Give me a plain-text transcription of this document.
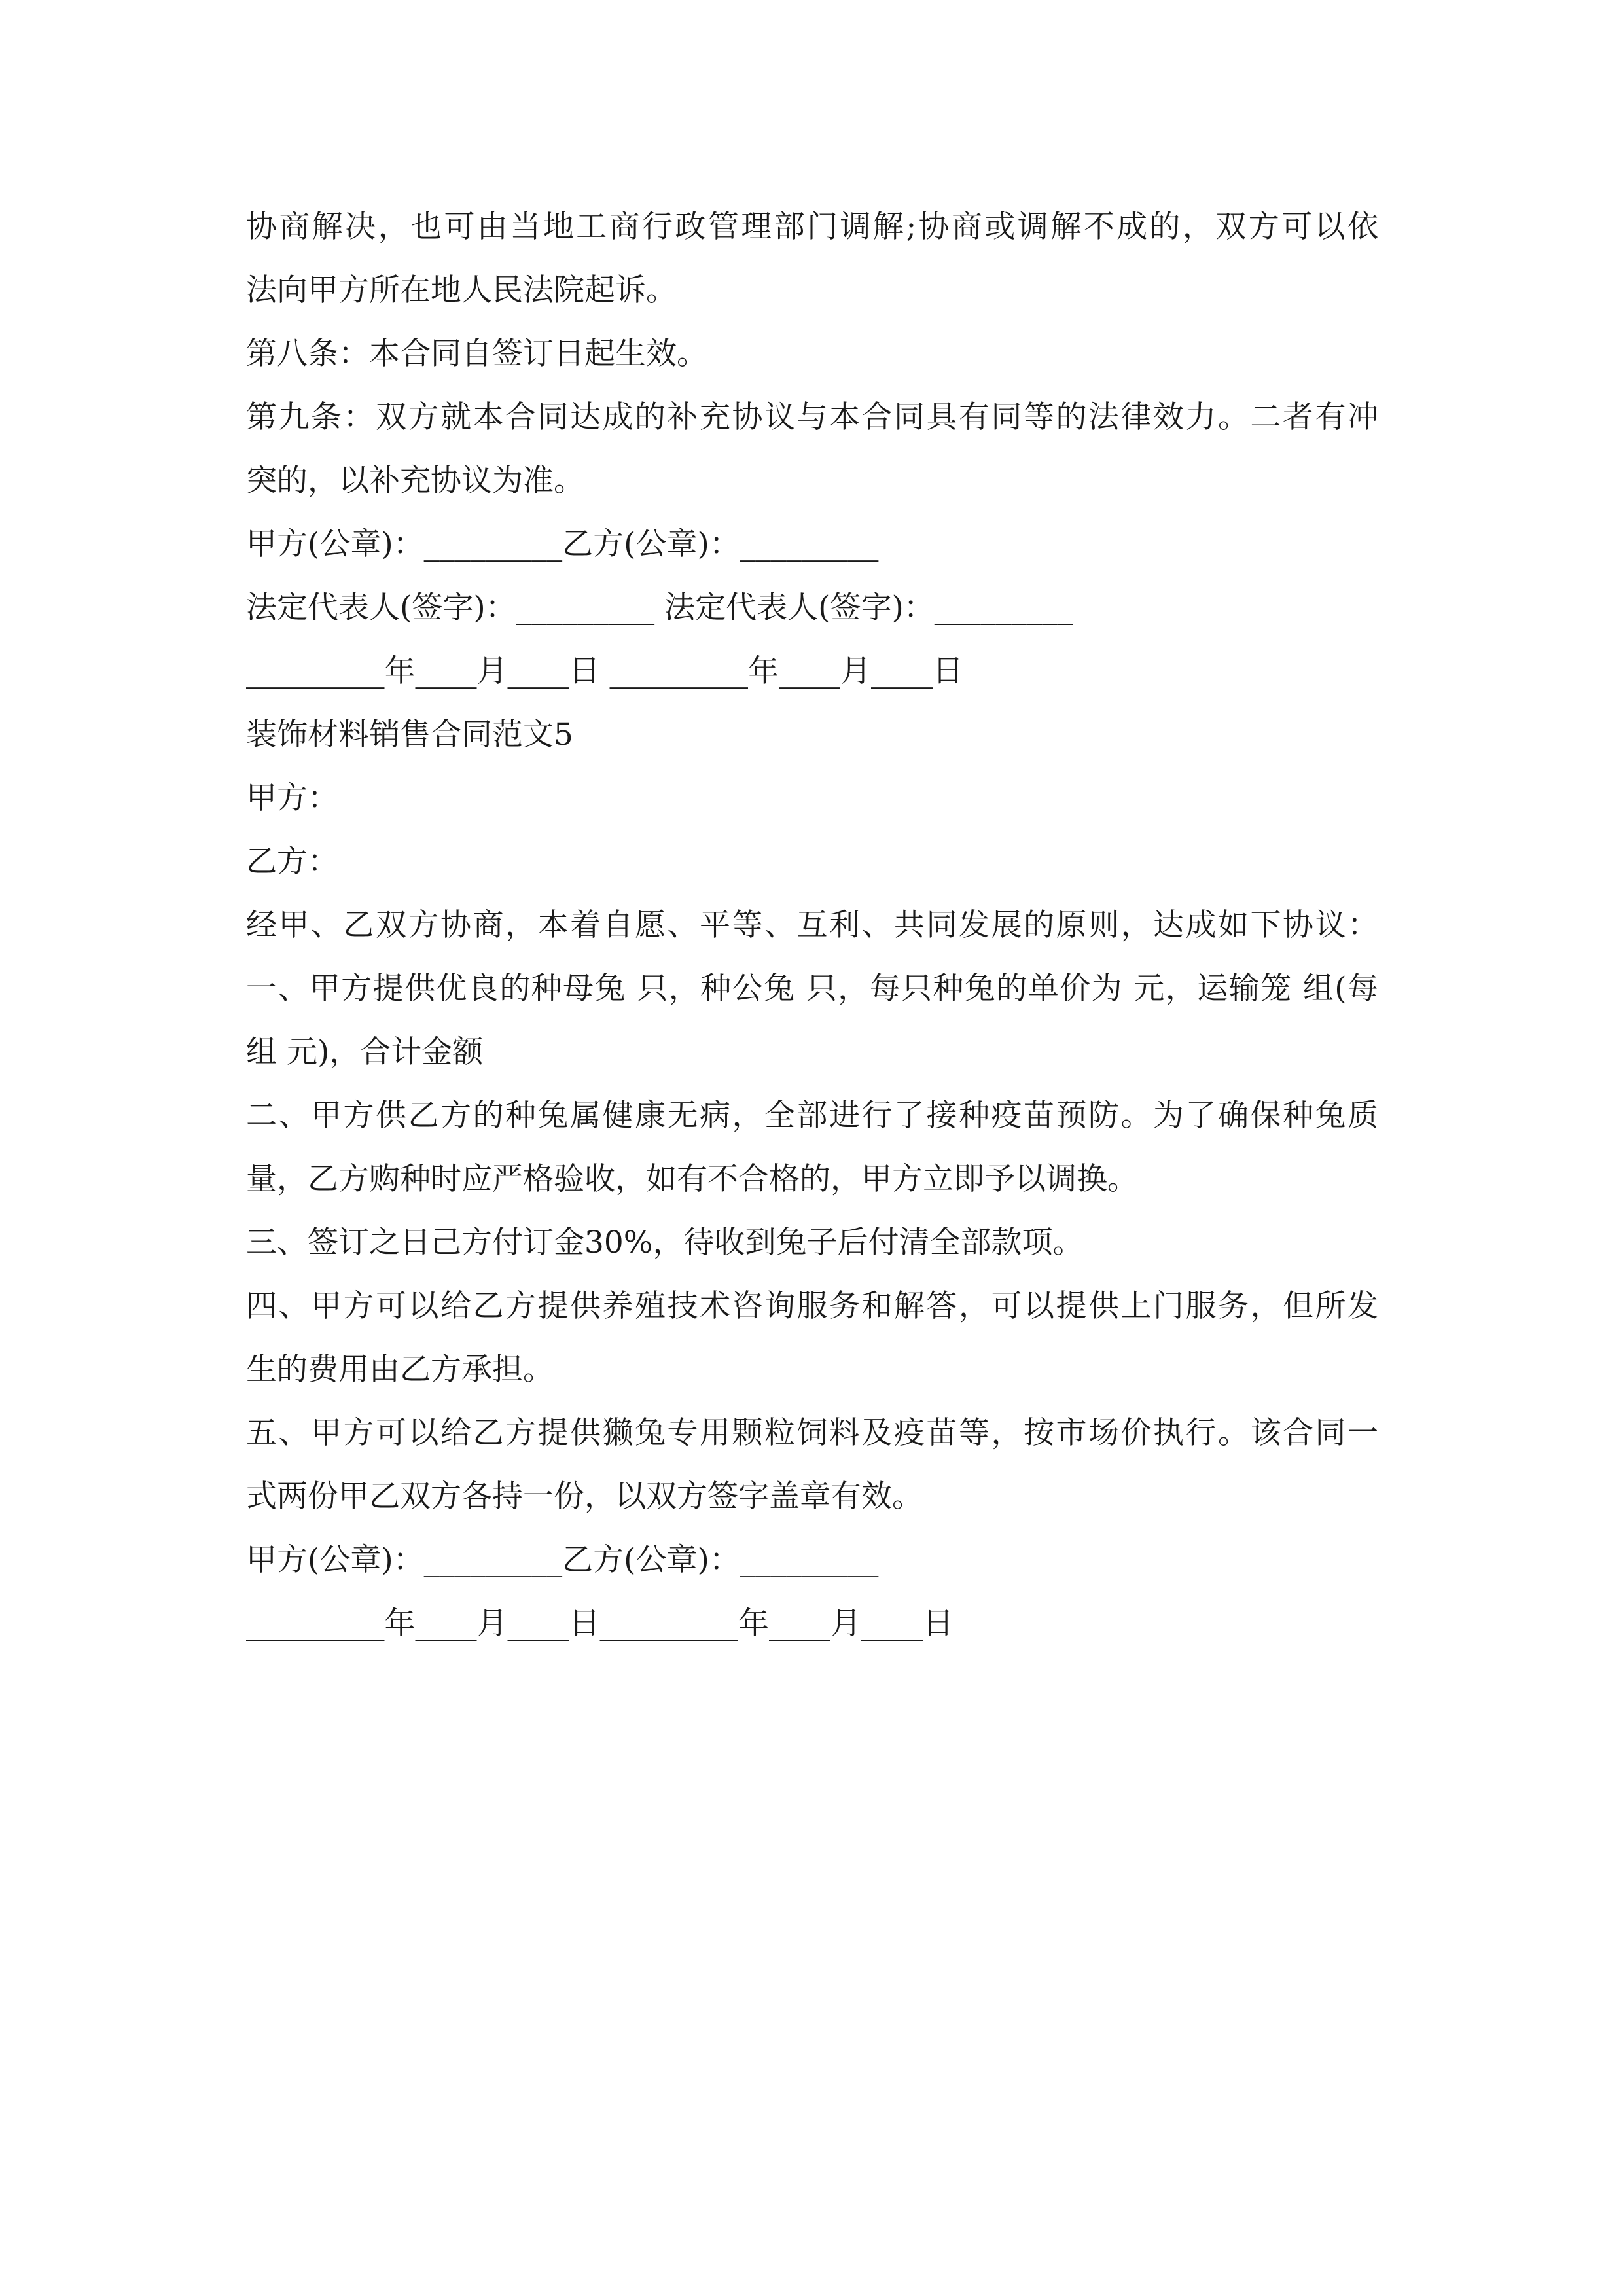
协商解决，也可由当地工商行政管理部门调解;协商或调解不成的，双方可以依
法向甲方所在地人民法院起诉。
第八条：本合同自签订日起生效。
第九条：双方就本合同达成的补充协议与本合同具有同等的法律效力。二者有冲
突的，以补充协议为准。
甲方(公章)：_________乙方(公章)：_________
法定代表人(签字)：_________ 法定代表人(签字)：_________
_________年____月____日 _________年____月____日
装饰材料销售合同范文5
甲方：
乙方：
经甲、乙双方协商，本着自愿、平等、互利、共同发展的原则，达成如下协议：
一、甲方提供优良的种母兔 只，种公兔 只，每只种兔的单价为 元，运输笼 组(每
组 元)，合计金额
二、甲方供乙方的种兔属健康无病，全部进行了接种疫苗预防。为了确保种兔质
量，乙方购种时应严格验收，如有不合格的，甲方立即予以调换。
三、签订之日己方付订金30%，待收到兔子后付清全部款项。
四、甲方可以给乙方提供养殖技术咨询服务和解答，可以提供上门服务，但所发
生的费用由乙方承担。
五、甲方可以给乙方提供獭兔专用颗粒饲料及疫苗等，按市场价执行。该合同一
式两份甲乙双方各持一份，以双方签字盖章有效。
甲方(公章)：_________乙方(公章)：_________
_________年____月____日_________年____月____日
